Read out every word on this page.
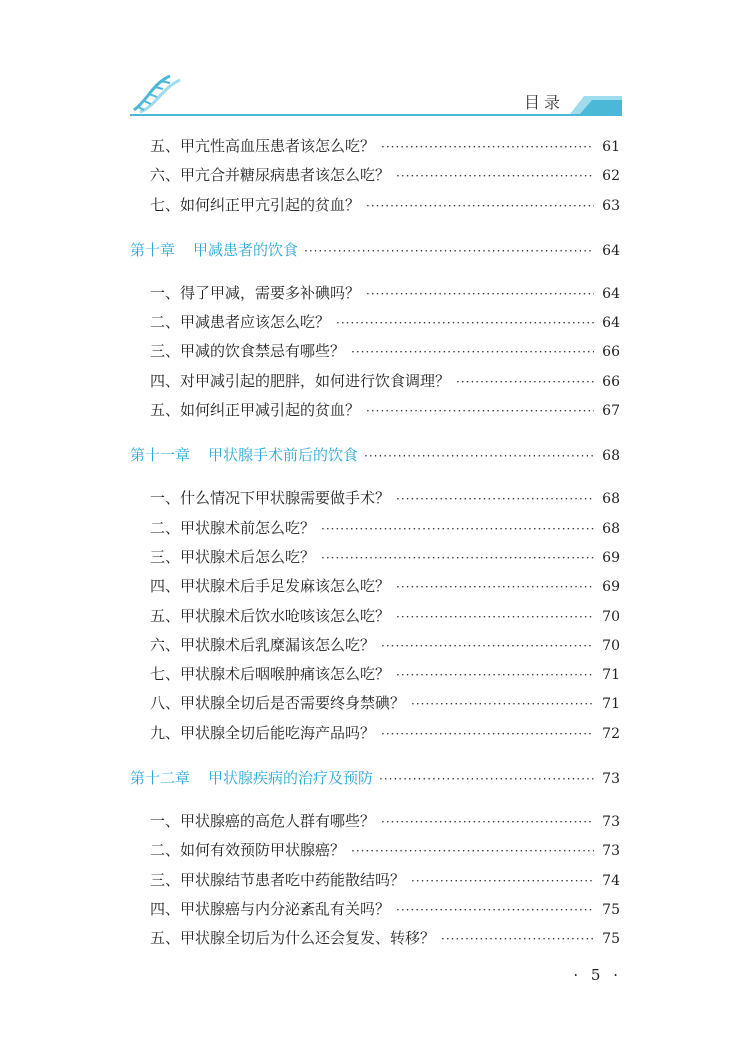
目录
五、甲亢性高血压患者该怎么吃？ ·····	61
六、甲亢合并糖尿病患者该怎么吃？ ·····	62
七、如何纠正甲亢引起的贫血？ ·····	63
第十章 甲减患者的饮食 ·····	64
一、得了甲减，需要多补碘吗？ ·····	64
二、甲减患者应该怎么吃？ ·····	64
三、甲减的饮食禁忌有哪些？ ·····	66
四、对甲减引起的肥胖，如何进行饮食调理？ ·····	66
五、如何纠正甲减引起的贫血？ ·····	67
第十一章 甲状腺手术前后的饮食 ·····	68
一、什么情况下甲状腺需要做手术？ ·····	68
二、甲状腺术前怎么吃？ ·····	68
三、甲状腺术后怎么吃？ ·····	69
四、甲状腺术后手足发麻该怎么吃？ ·····	69
五、甲状腺术后饮水呛咳该怎么吃？ ·····	70
六、甲状腺术后乳糜漏该怎么吃？ ·····	70
七、甲状腺术后咽喉肿痛该怎么吃？ ·····	71
八、甲状腺全切后是否需要终身禁碘？ ·····	71
九、甲状腺全切后能吃海产品吗？ ·····	72
第十二章 甲状腺疾病的治疗及预防 ·····	73
一、甲状腺癌的高危人群有哪些？ ·····	73
二、如何有效预防甲状腺癌？ ·····	73
三、甲状腺结节患者吃中药能散结吗？ ·····	74
四、甲状腺癌与内分泌紊乱有关吗？ ·····	75
五、甲状腺全切后为什么还会复发、转移？ ·····	75
· 5 ·
